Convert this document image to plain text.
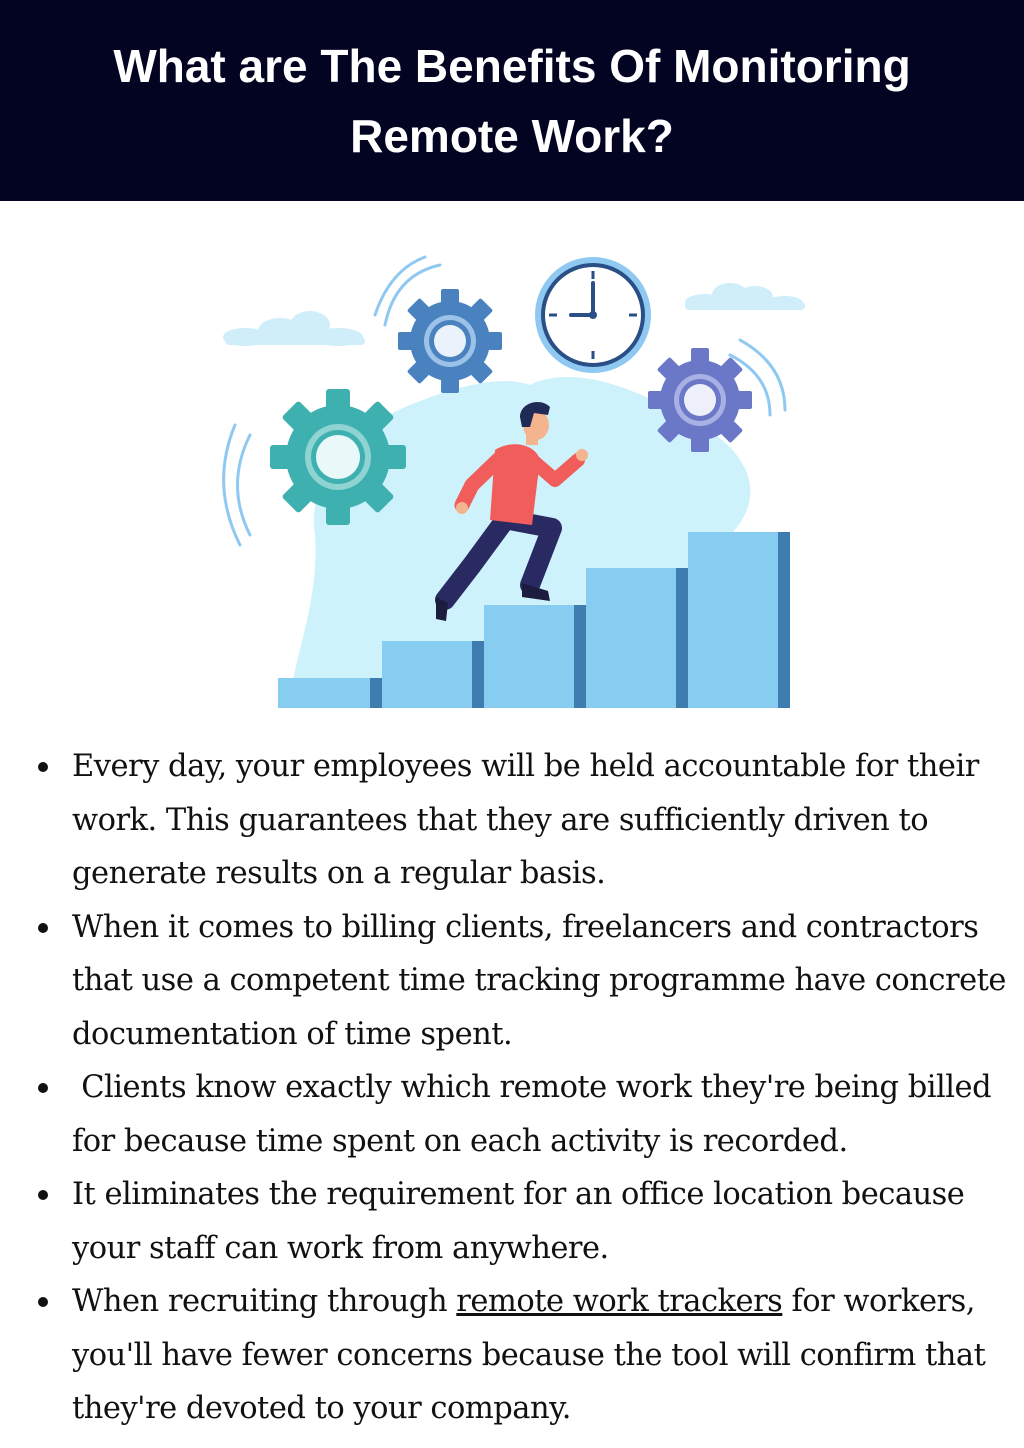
What are The Benefits Of Monitoring
Remote Work?
Every day, your employees will be held accountable for their work. This guarantees that they are sufficiently driven to generate results on a regular basis.
When it comes to billing clients, freelancers and contractors that use a competent time tracking programme have concrete documentation of time spent.
Clients know exactly which remote work they're being billed for because time spent on each activity is recorded.
It eliminates the requirement for an office location because your staff can work from anywhere.
When recruiting through remote work trackers for workers, you'll have fewer concerns because the tool will confirm that they're devoted to your company.
